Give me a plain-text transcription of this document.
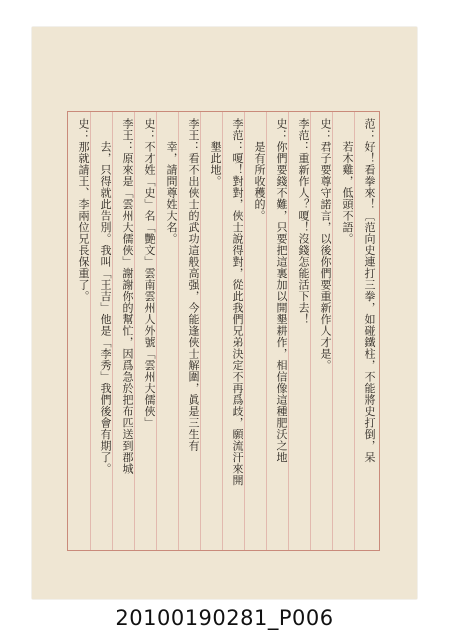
范：好！看拳來！〔范向史連打三拳，如碰鐵柱，不能將史打倒，呆
　　若木雞，低頭不語。
史：君子要尊守諾言，以後你們要重新作人才是。
李范：重新作人？嗄！沒錢怎能活下去！
史：你們要錢不難，只要把這裏加以開墾耕作，相信像這種肥沃之地
　　是有所收穫的。
李范：嗄！對對，俠士說得對，從此我們兄弟決定不再爲歧，願流汗來開
　　墾此地。
李王：看不出俠士的武功這般高强，今能逢俠士解圍，眞是三生有
　　幸，請問尊姓大名。
史：不才姓「史」名「艷文」雲南雲州人外號「雲州大儒俠」
李王：原來是「雲州大儒俠」謝謝你的幫忙，因爲急於把布匹送到郡城
　　去，只得就此告別。我叫「王吉」他是「李秀」我們後會有期了。
史：那就請王、李兩位兄長保重了。
20100190281_P006
